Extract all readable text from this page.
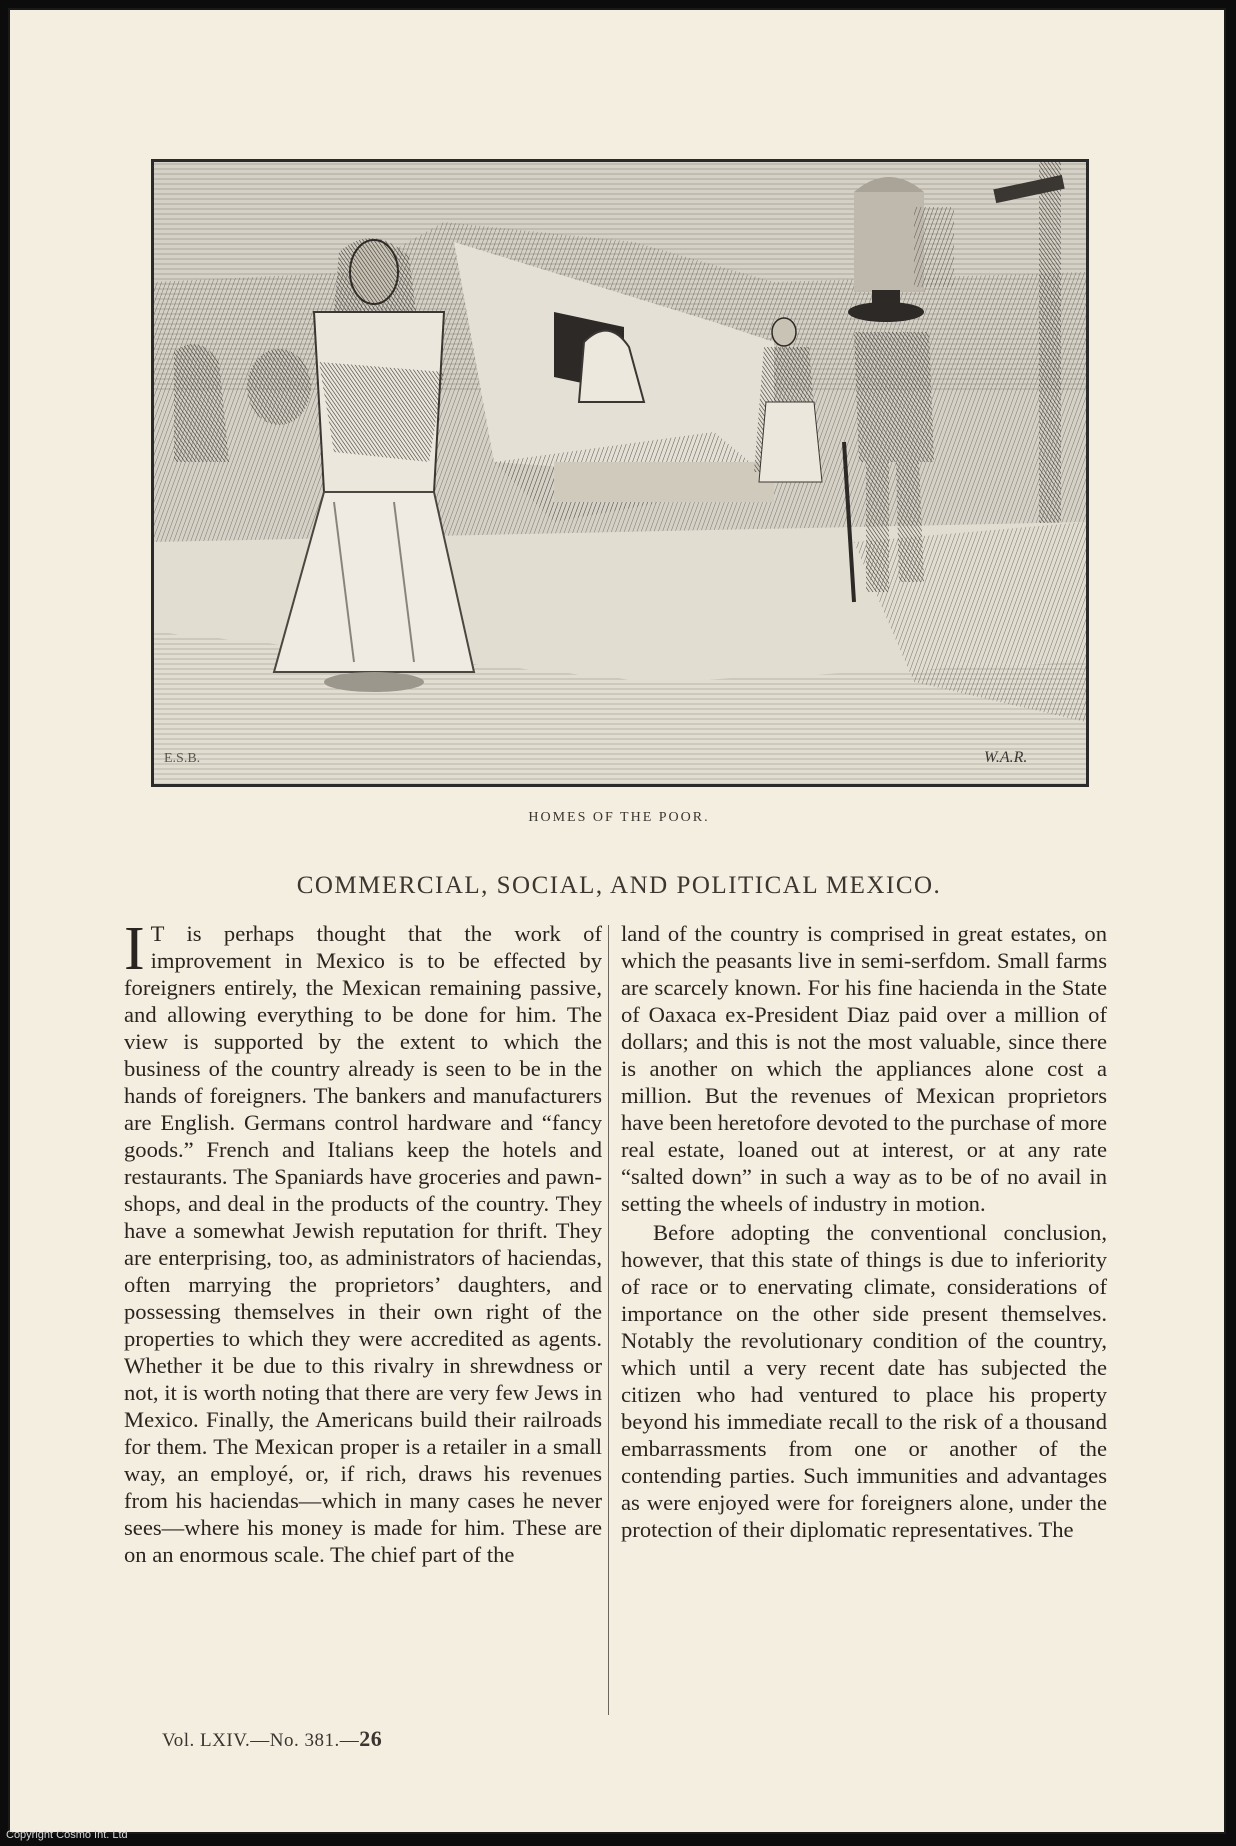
E.S.B.	W.A.R.
HOMES OF THE POOR.
COMMERCIAL, SOCIAL, AND POLITICAL MEXICO.

I T is perhaps thought that the work of improvement in Mexico is to be effected by foreigners entirely, the Mexican remaining passive, and allowing everything to be done for him. The view is supported by the extent to which the business of the country already is seen to be in the hands of foreigners. The bankers and manufacturers are English. Germans control hardware and “fancy goods.” French and Italians keep the hotels and restaurants. The Spaniards have groceries and pawn-shops, and deal in the products of the country. They have a somewhat Jewish reputation for thrift. They are enterprising, too, as administrators of haciendas, often marrying the proprietors’ daughters, and possessing themselves in their own right of the properties to which they were accredited as agents. Whether it be due to this rivalry in shrewdness or not, it is worth noting that there are very few Jews in Mexico. Finally, the Americans build their railroads for them. The Mexican proper is a retailer in a small way, an employé, or, if rich, draws his revenues from his haciendas—which in many cases he never sees—where his money is made for him. These are on an enormous scale. The chief part of the

land of the country is comprised in great estates, on which the peasants live in semi-serfdom. Small farms are scarcely known. For his fine hacienda in the State of Oaxaca ex-President Diaz paid over a million of dollars; and this is not the most valuable, since there is another on which the appliances alone cost a million. But the revenues of Mexican proprietors have been heretofore devoted to the purchase of more real estate, loaned out at interest, or at any rate “salted down” in such a way as to be of no avail in setting the wheels of industry in motion.

Before adopting the conventional conclusion, however, that this state of things is due to inferiority of race or to enervating climate, considerations of importance on the other side present themselves. Notably the revolutionary condition of the country, which until a very recent date has subjected the citizen who had ventured to place his property beyond his immediate recall to the risk of a thousand embarrassments from one or another of the contending parties. Such immunities and advantages as were enjoyed were for foreigners alone, under the protection of their diplomatic representatives. The

Vol. LXIV.—No. 381.—26
Copyright Cosmo Int. Ltd
